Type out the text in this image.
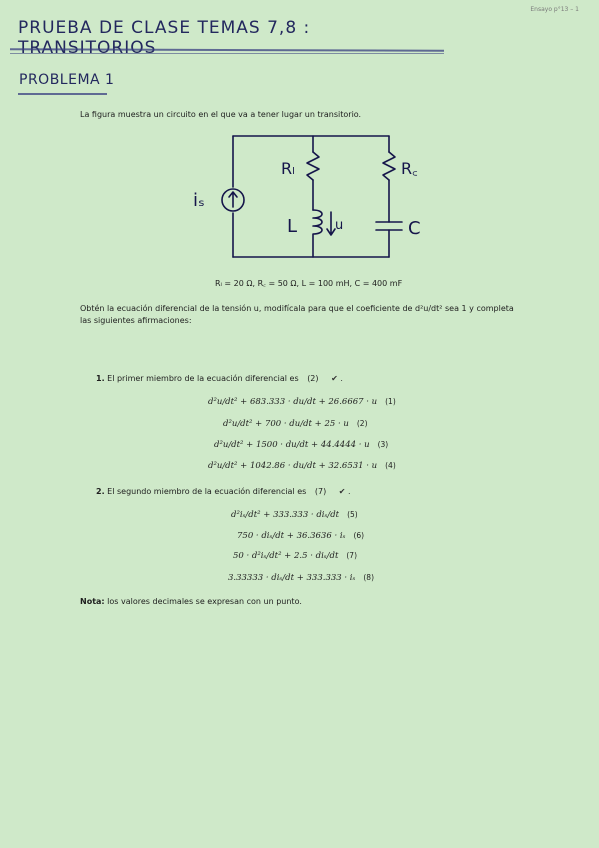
Ensayo p°13 – 1
PRUEBA DE CLASE TEMAS 7,8 :
PROBLEMA 1
La figura muestra un circuito en el que va a tener lugar un transitorio.
iₛ
Rₗ	R꜀
L	u	C
Rₗ = 20 Ω, R꜀ = 50 Ω, L = 100 mH, C = 400 mF
Obtén la ecuación diferencial de la tensión u, modifícala para que el coeficiente de d²u/dt² sea 1 y completa las siguientes afirmaciones:
1. El primer miembro de la ecuación diferencial es (2) ✔ .
d²u/dt² + 683.333 · du/dt + 26.6667 · u (1)
d²u/dt² + 700 · du/dt + 25 · u (2)
d²u/dt² + 1500 · du/dt + 44.4444 · u (3)
d²u/dt² + 1042.86 · du/dt + 32.6531 · u (4)
2. El segundo miembro de la ecuación diferencial es (7) ✔ .
d²iₛ/dt² + 333.333 · diₛ/dt (5)
750 · diₛ/dt + 36.3636 · iₛ (6)
50 · d²iₛ/dt² + 2.5 · diₛ/dt (7)
3.33333 · diₛ/dt + 333.333 · iₛ (8)
Nota: los valores decimales se expresan con un punto.
